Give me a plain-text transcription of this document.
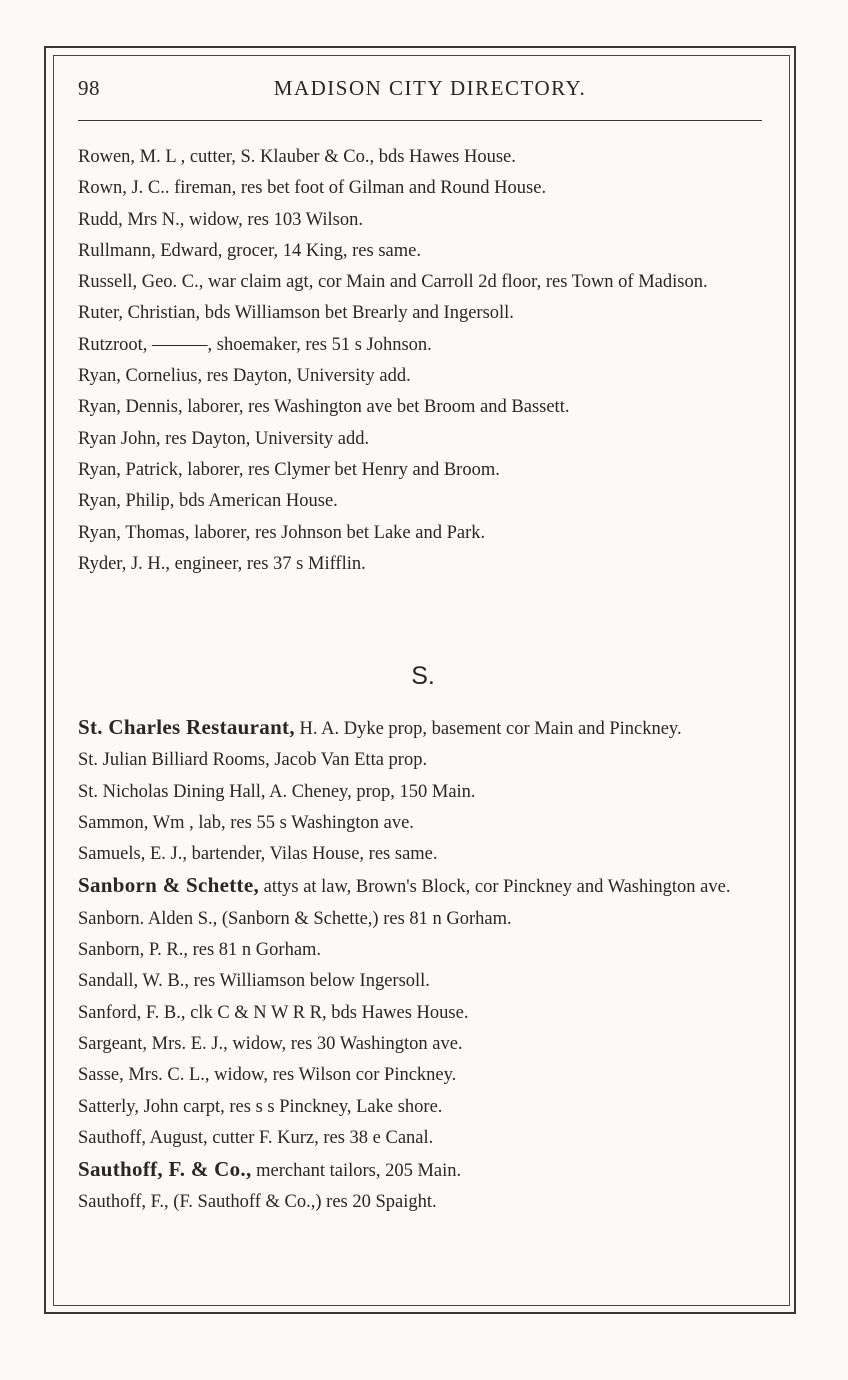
98	MADISON CITY DIRECTORY.

Rowen, M. L , cutter, S. Klauber & Co., bds Hawes House.

Rown, J. C.. fireman, res bet foot of Gilman and Round House.

Rudd, Mrs N., widow, res 103 Wilson.

Rullmann, Edward, grocer, 14 King, res same.

Russell, Geo. C., war claim agt, cor Main and Carroll 2d floor, res Town of Madison.

Ruter, Christian, bds Williamson bet Brearly and Ingersoll.

Rutzroot, ———, shoemaker, res 51 s Johnson.

Ryan, Cornelius, res Dayton, University add.

Ryan, Dennis, laborer, res Washington ave bet Broom and Bassett.

Ryan John, res Dayton, University add.

Ryan, Patrick, laborer, res Clymer bet Henry and Broom.

Ryan, Philip, bds American House.

Ryan, Thomas, laborer, res Johnson bet Lake and Park.

Ryder, J. H., engineer, res 37 s Mifflin.

S.

St. Charles Restaurant, H. A. Dyke prop, basement cor Main and Pinckney.

St. Julian Billiard Rooms, Jacob Van Etta prop.

St. Nicholas Dining Hall, A. Cheney, prop, 150 Main.

Sammon, Wm , lab, res 55 s Washington ave.

Samuels, E. J., bartender, Vilas House, res same.

Sanborn & Schette, attys at law, Brown's Block, cor Pinckney and Washington ave.

Sanborn. Alden S., (Sanborn & Schette,) res 81 n Gorham.

Sanborn, P. R., res 81 n Gorham.

Sandall, W. B., res Williamson below Ingersoll.

Sanford, F. B., clk C & N W R R, bds Hawes House.

Sargeant, Mrs. E. J., widow, res 30 Washington ave.

Sasse, Mrs. C. L., widow, res Wilson cor Pinckney.

Satterly, John carpt, res s s Pinckney, Lake shore.

Sauthoff, August, cutter F. Kurz, res 38 e Canal.

Sauthoff, F. & Co., merchant tailors, 205 Main.

Sauthoff, F., (F. Sauthoff & Co.,) res 20 Spaight.
